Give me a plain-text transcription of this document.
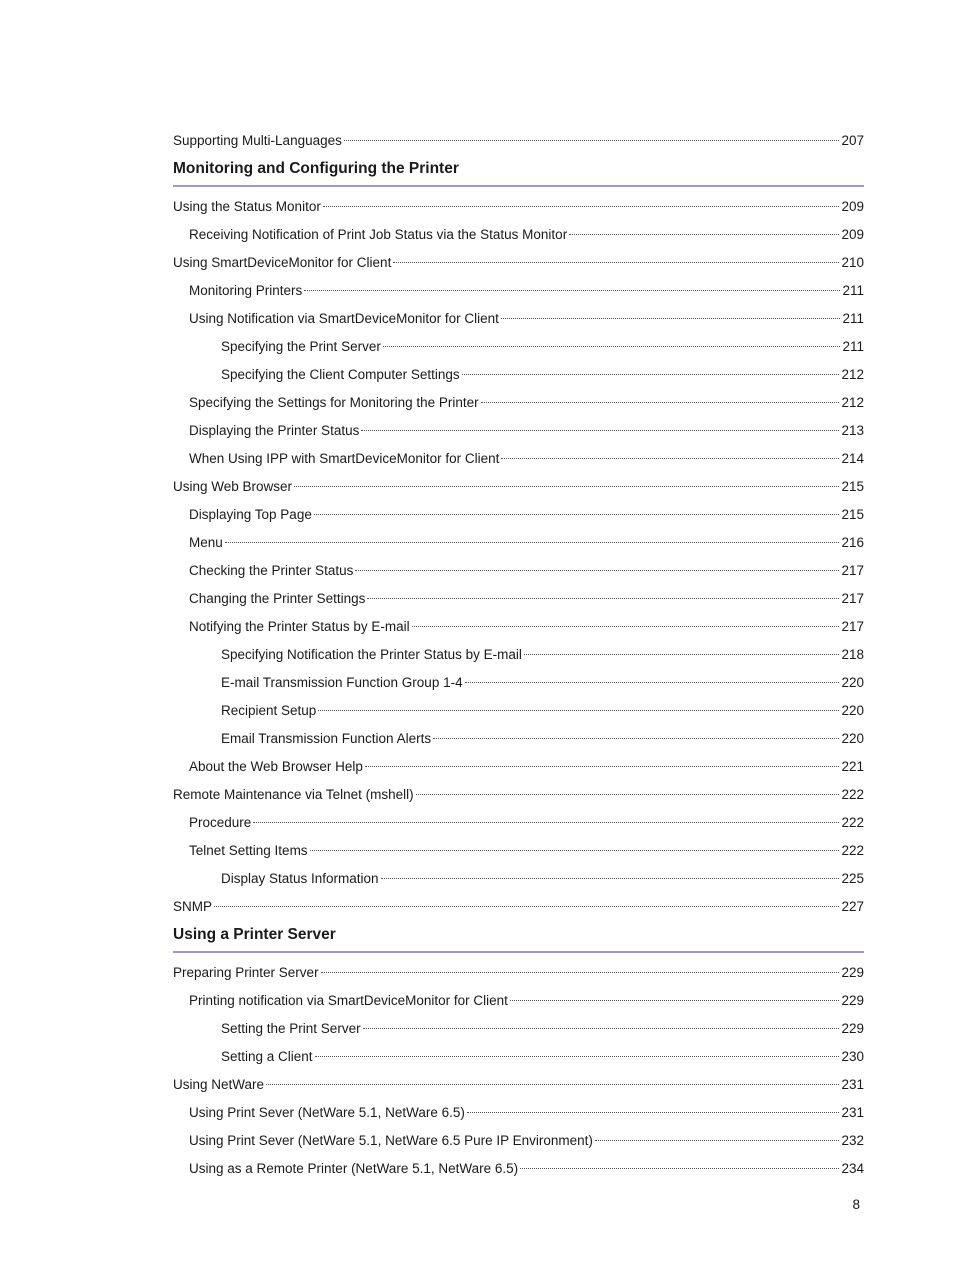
Supporting Multi-Languages	207
Monitoring and Configuring the Printer
Using the Status Monitor	209
Receiving Notification of Print Job Status via the Status Monitor	209
Using SmartDeviceMonitor for Client	210
Monitoring Printers	211
Using Notification via SmartDeviceMonitor for Client	211
Specifying the Print Server	211
Specifying the Client Computer Settings	212
Specifying the Settings for Monitoring the Printer	212
Displaying the Printer Status	213
When Using IPP with SmartDeviceMonitor for Client	214
Using Web Browser	215
Displaying Top Page	215
Menu	216
Checking the Printer Status	217
Changing the Printer Settings	217
Notifying the Printer Status by E-mail	217
Specifying Notification the Printer Status by E-mail	218
E-mail Transmission Function Group 1-4	220
Recipient Setup	220
Email Transmission Function Alerts	220
About the Web Browser Help	221
Remote Maintenance via Telnet (mshell)	222
Procedure	222
Telnet Setting Items	222
Display Status Information	225
SNMP	227
Using a Printer Server
Preparing Printer Server	229
Printing notification via SmartDeviceMonitor for Client	229
Setting the Print Server	229
Setting a Client	230
Using NetWare	231
Using Print Sever (NetWare 5.1, NetWare 6.5)	231
Using Print Sever (NetWare 5.1, NetWare 6.5 Pure IP Environment)	232
Using as a Remote Printer (NetWare 5.1, NetWare 6.5)	234
8
